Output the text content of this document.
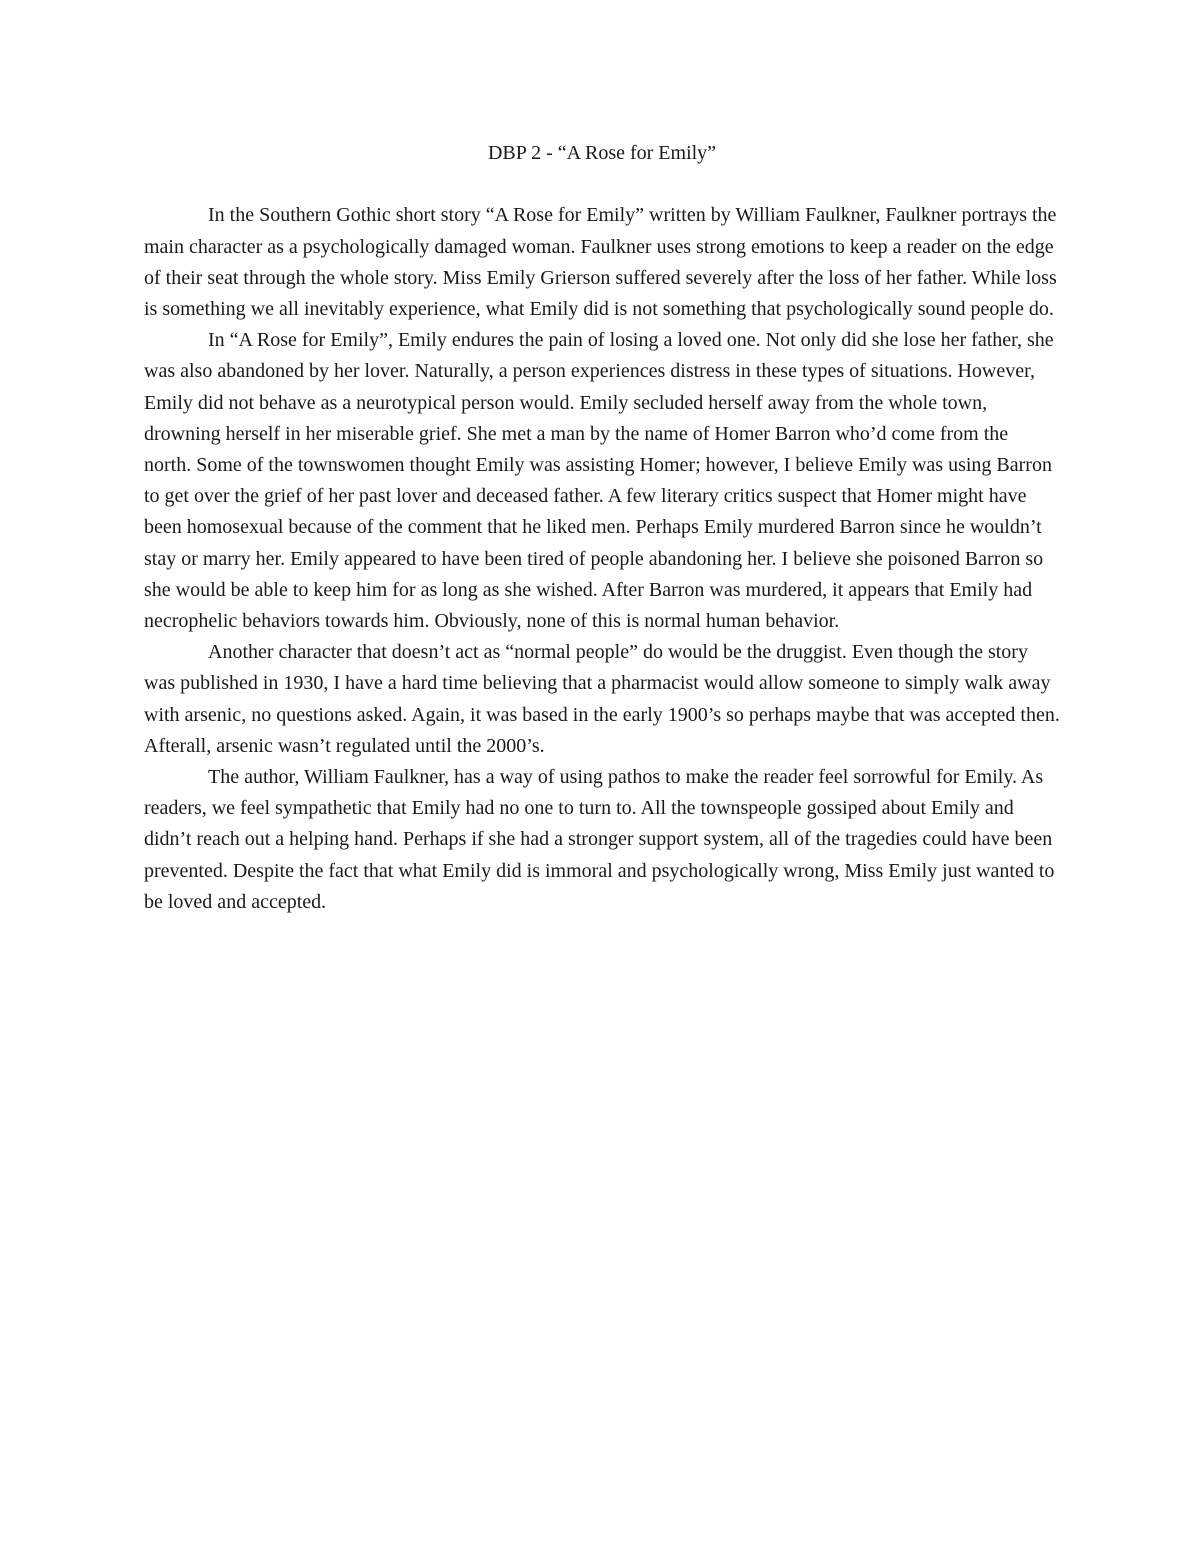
DBP 2 - “A Rose for Emily”

In the Southern Gothic short story “A Rose for Emily” written by William Faulkner, Faulkner portrays the main character as a psychologically damaged woman. Faulkner uses strong emotions to keep a reader on the edge of their seat through the whole story. Miss Emily Grierson suffered severely after the loss of her father. While loss is something we all inevitably experience, what Emily did is not something that psychologically sound people do.

In “A Rose for Emily”, Emily endures the pain of losing a loved one. Not only did she lose her father, she was also abandoned by her lover. Naturally, a person experiences distress in these types of situations. However, Emily did not behave as a neurotypical person would. Emily secluded herself away from the whole town, drowning herself in her miserable grief. She met a man by the name of Homer Barron who’d come from the north. Some of the townswomen thought Emily was assisting Homer; however, I believe Emily was using Barron to get over the grief of her past lover and deceased father. A few literary critics suspect that Homer might have been homosexual because of the comment that he liked men. Perhaps Emily murdered Barron since he wouldn’t stay or marry her. Emily appeared to have been tired of people abandoning her. I believe she poisoned Barron so she would be able to keep him for as long as she wished. After Barron was murdered, it appears that Emily had necrophelic behaviors towards him. Obviously, none of this is normal human behavior.

Another character that doesn’t act as “normal people” do would be the druggist. Even though the story was published in 1930, I have a hard time believing that a pharmacist would allow someone to simply walk away with arsenic, no questions asked. Again, it was based in the early 1900’s so perhaps maybe that was accepted then. Afterall, arsenic wasn’t regulated until the 2000’s.

The author, William Faulkner, has a way of using pathos to make the reader feel sorrowful for Emily. As readers, we feel sympathetic that Emily had no one to turn to. All the townspeople gossiped about Emily and didn’t reach out a helping hand. Perhaps if she had a stronger support system, all of the tragedies could have been prevented. Despite the fact that what Emily did is immoral and psychologically wrong, Miss Emily just wanted to be loved and accepted.
